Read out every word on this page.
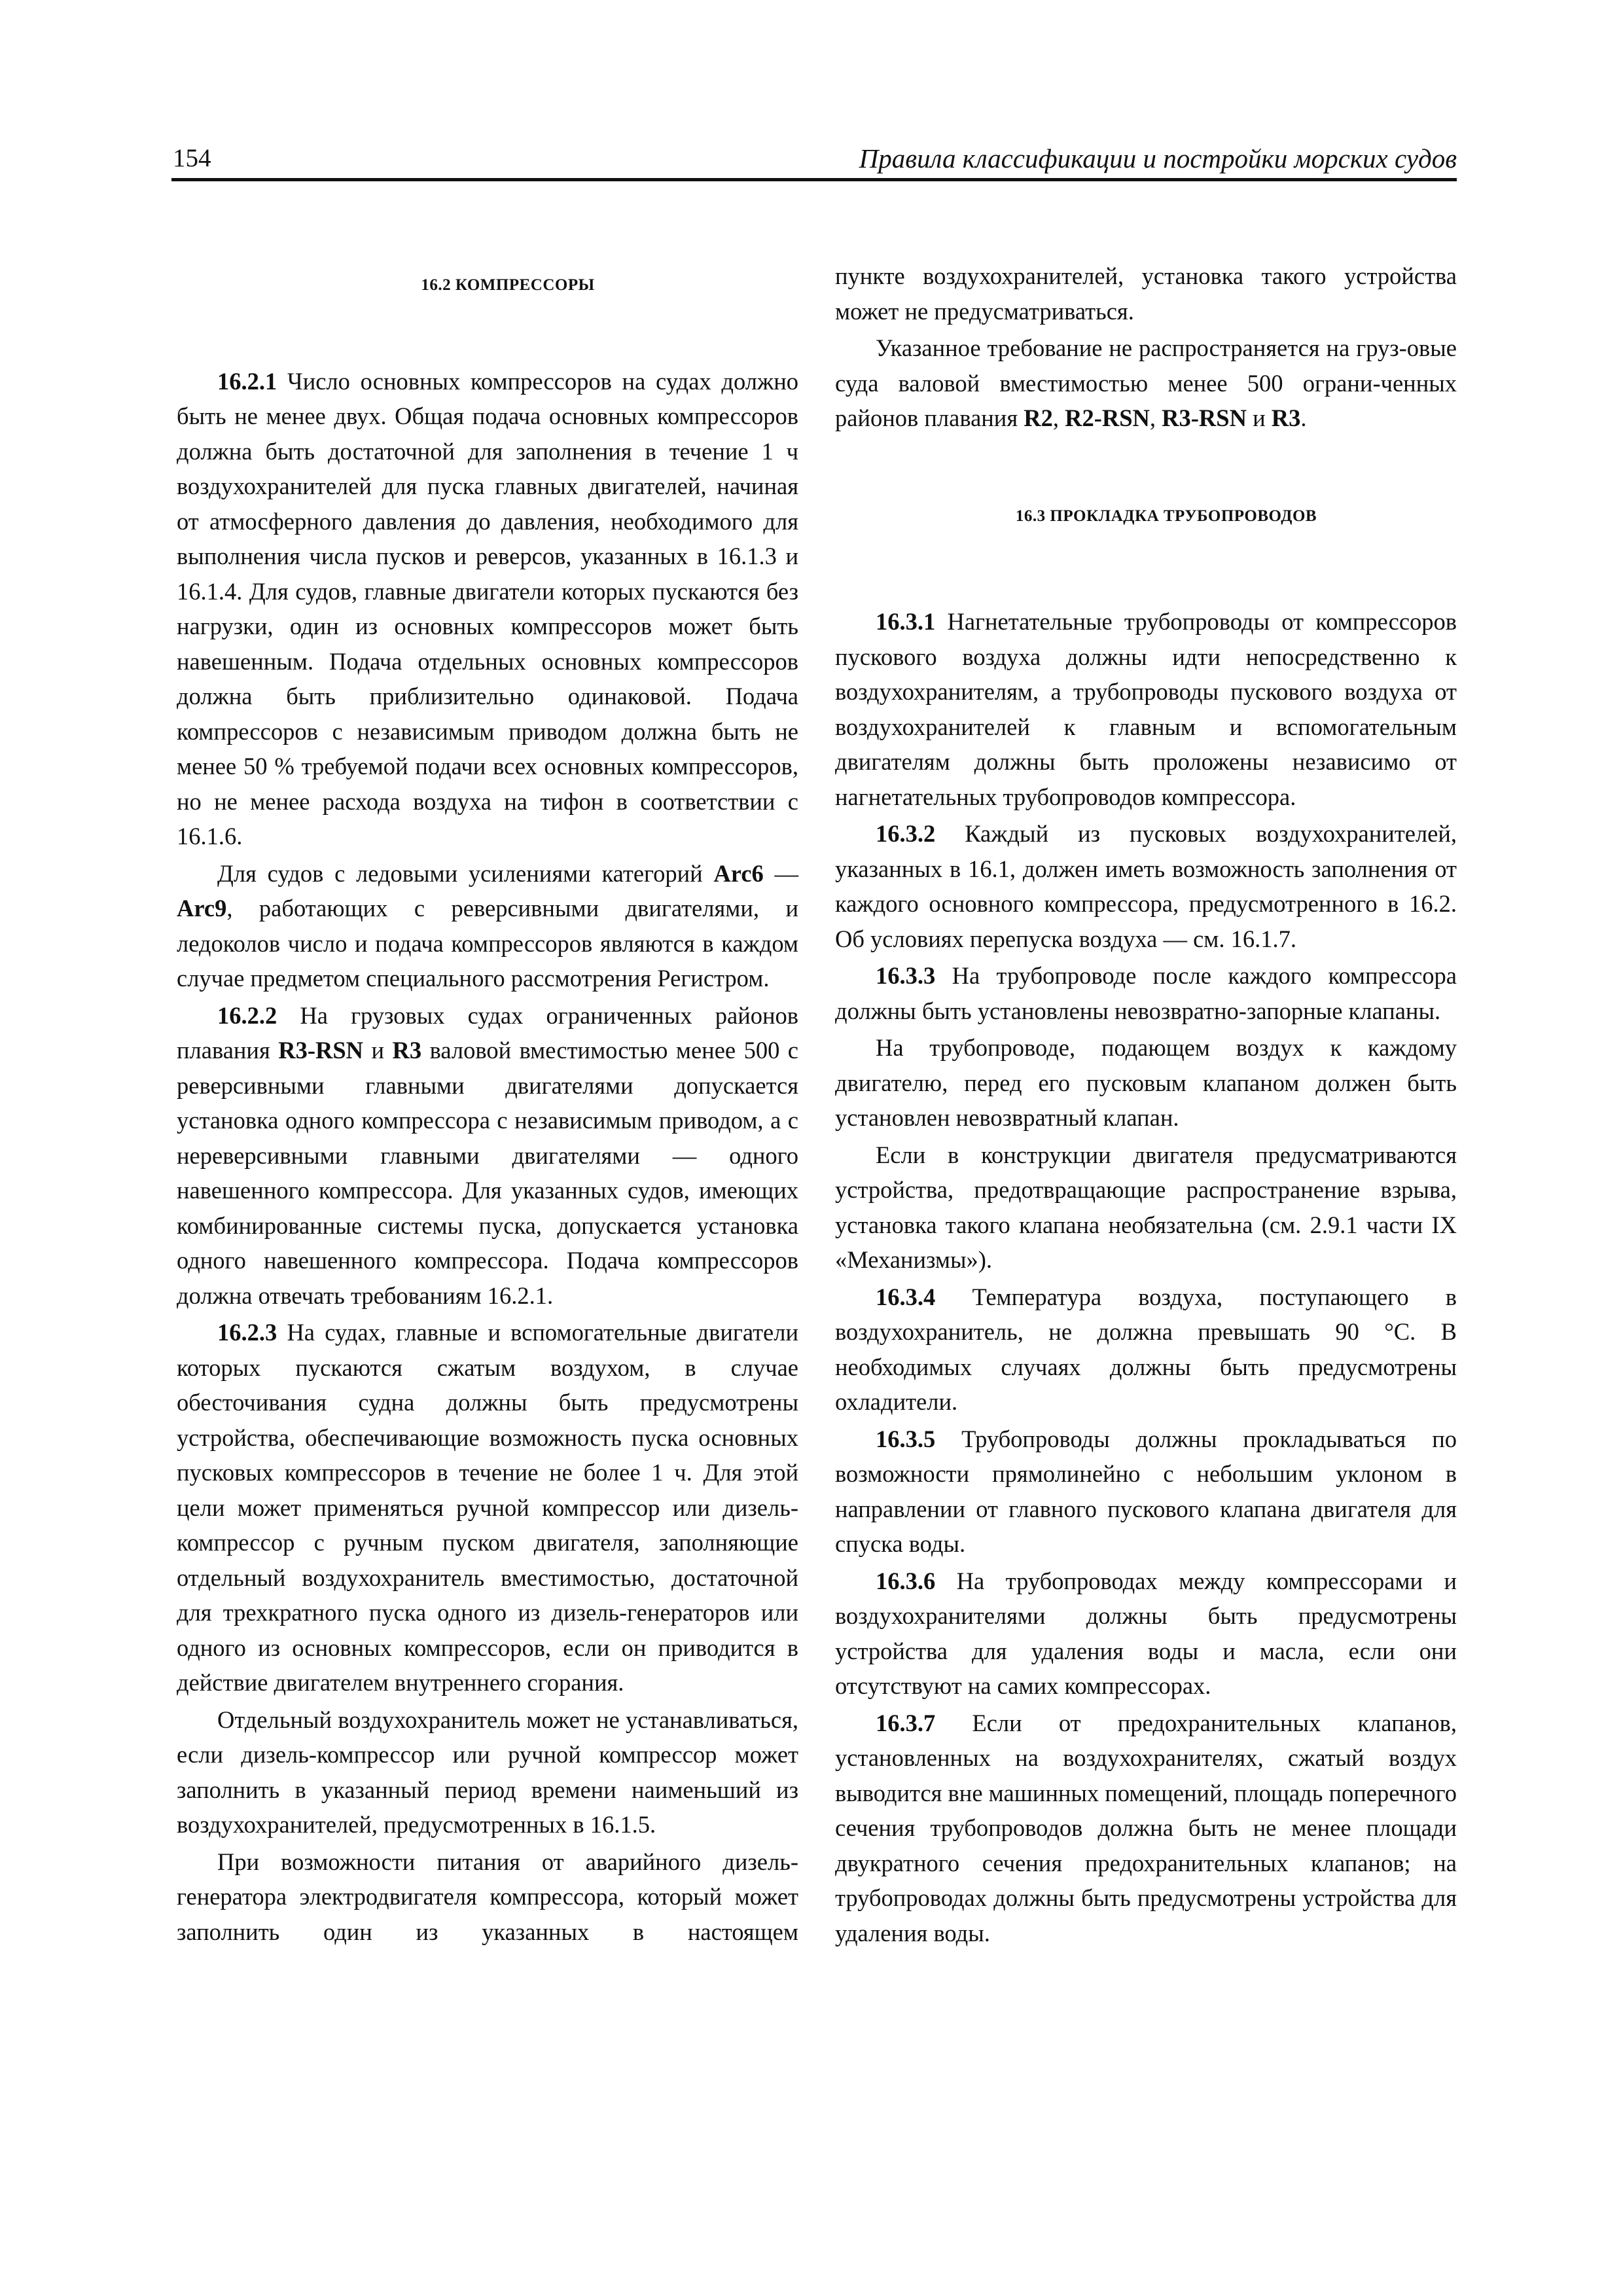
154	Правила классификации и постройки морских судов

16.2 КОМПРЕССОРЫ

16.2.1 Число основных компрессоров на судах должно быть не менее двух. Общая подача основных компрессоров должна быть достаточной для заполнения в течение 1 ч воздухохранителей для пуска главных двигателей, начиная от атмосферного давления до давления, необходимого для выполнения числа пусков и реверсов, указанных в 16.1.3 и 16.1.4. Для судов, главные двигатели которых пускаются без нагрузки, один из основных компрессоров может быть навешенным. Подача отдельных основных компрессоров должна быть приблизительно одинаковой. Подача компрессоров с независимым приводом должна быть не менее 50 % требуемой подачи всех основных компрессоров, но не менее расхода воздуха на тифон в соответствии с 16.1.6.

Для судов с ледовыми усилениями категорий Arc6 — Arc9, работающих с реверсивными двигателями, и ледоколов число и подача компрессоров являются в каждом случае предметом специального рассмотрения Регистром.

16.2.2 На грузовых судах ограниченных районов плавания R3-RSN и R3 валовой вместимостью менее 500 с реверсивными главными двигателями допускается установка одного компрессора с независимым приводом, а с нереверсивными главными двигателями — одного навешенного компрессора. Для указанных судов, имеющих комбинированные системы пуска, допускается установка одного навешенного компрессора. Подача компрессоров должна отвечать требованиям 16.2.1.

16.2.3 На судах, главные и вспомогательные двигатели которых пускаются сжатым воздухом, в случае обесточивания судна должны быть предусмотрены устройства, обеспечивающие возможность пуска основных пусковых компрессоров в течение не более 1 ч. Для этой цели может применяться ручной компрессор или дизель-компрессор с ручным пуском двигателя, заполняющие отдельный воздухохранитель вместимостью, достаточной для трехкратного пуска одного из дизель-генераторов или одного из основных компрессоров, если он приводится в действие двигателем внутреннего сгорания.

Отдельный воздухохранитель может не устанавливаться, если дизель-компрессор или ручной компрессор может заполнить в указанный период времени наименьший из воздухохранителей, предусмотренных в 16.1.5.

При возможности питания от аварийного дизель-генератора электродвигателя компрессора, который может заполнить один из указанных в настоящем

пункте воздухохранителей, установка такого устройства может не предусматриваться.

Указанное требование не распространяется на груз-овые суда валовой вместимостью менее 500 ограни-ченных районов плавания R2, R2-RSN, R3-RSN и R3.

16.3 ПРОКЛАДКА ТРУБОПРОВОДОВ

16.3.1 Нагнетательные трубопроводы от компрессоров пускового воздуха должны идти непосредственно к воздухохранителям, а трубопроводы пускового воздуха от воздухохранителей к главным и вспомогательным двигателям должны быть проложены независимо от нагнетательных трубопроводов компрессора.

16.3.2 Каждый из пусковых воздухохранителей, указанных в 16.1, должен иметь возможность заполнения от каждого основного компрессора, предусмотренного в 16.2. Об условиях перепуска воздуха — см. 16.1.7.

16.3.3 На трубопроводе после каждого компрессора должны быть установлены невозвратно-запорные клапаны.

На трубопроводе, подающем воздух к каждому двигателю, перед его пусковым клапаном должен быть установлен невозвратный клапан.

Если в конструкции двигателя предусматриваются устройства, предотвращающие распространение взрыва, установка такого клапана необязательна (см. 2.9.1 части IX «Механизмы»).

16.3.4 Температура воздуха, поступающего в воздухохранитель, не должна превышать 90 °С. В необходимых случаях должны быть предусмотрены охладители.

16.3.5 Трубопроводы должны прокладываться по возможности прямолинейно с небольшим уклоном в направлении от главного пускового клапана двигателя для спуска воды.

16.3.6 На трубопроводах между компрессорами и воздухохранителями должны быть предусмотрены устройства для удаления воды и масла, если они отсутствуют на самих компрессорах.

16.3.7 Если от предохранительных клапанов, установленных на воздухохранителях, сжатый воздух выводится вне машинных помещений, площадь поперечного сечения трубопроводов должна быть не менее площади двукратного сечения предохранительных клапанов; на трубопроводах должны быть предусмотрены устройства для удаления воды.
